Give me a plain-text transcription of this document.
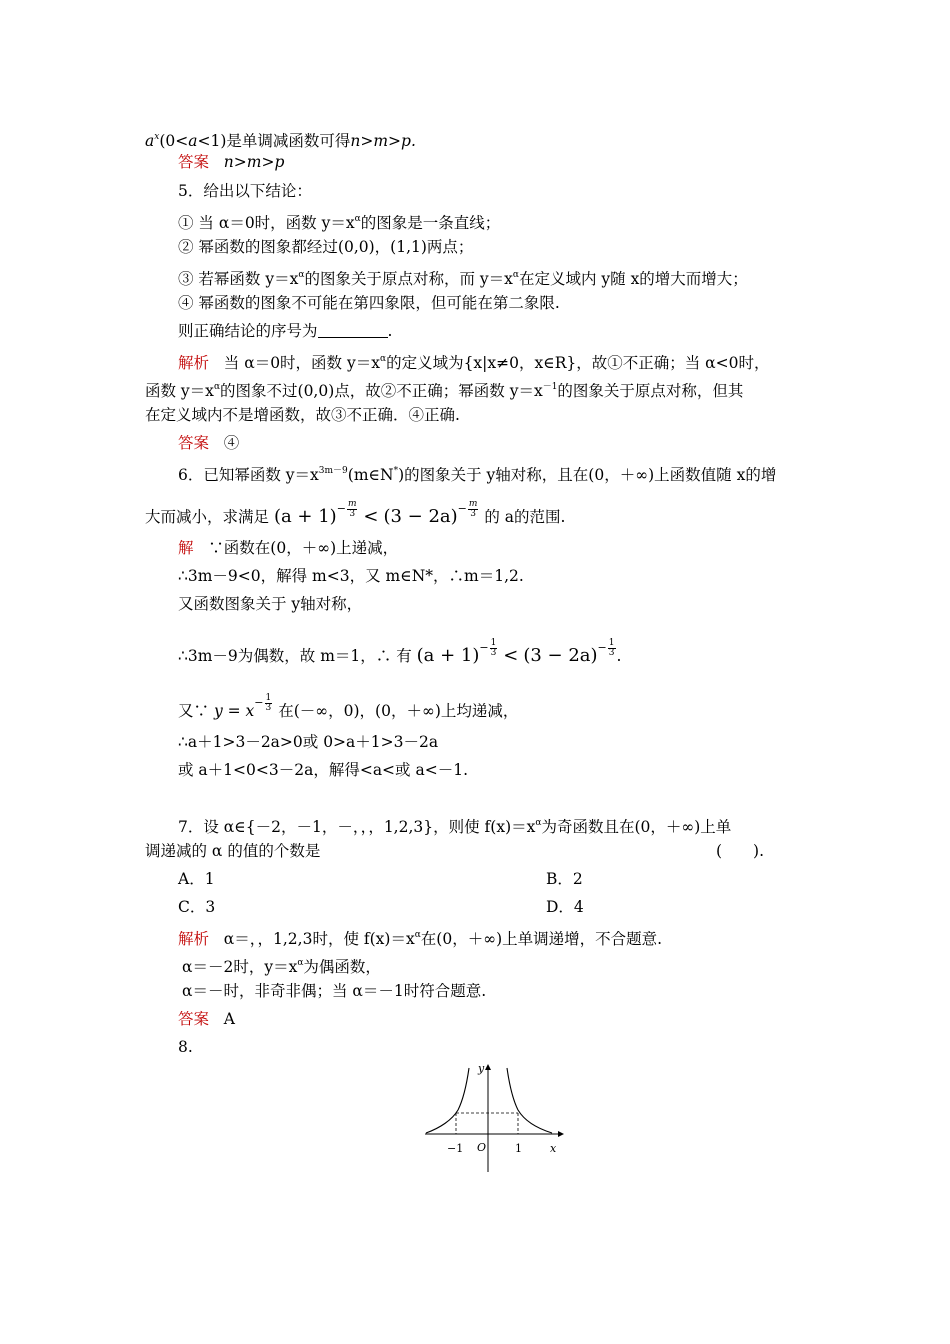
$a^x(0<a<1)$是单调减函数可得n>m>p.
答案 n>m>p
5．给出以下结论：
① 当 α＝0时，函数 $y=x^\alpha$的图象是一条直线；
② 幂函数的图象都经过(0,0)，(1,1)两点；
③ 若幂函数 $y=x^\alpha$的图象关于原点对称，而 $y=x^\alpha$在定义域内 y随 x的增大而增大；
④ 幂函数的图象不可能在第四象限，但可能在第二象限.
则正确结论的序号为	.
解析 当 α＝0时，函数 $y=x^\alpha$的定义域为{x|x≠0，x∈R}，故①不正确；当 α<0时，
函数 $y=x^\alpha$的图象不过(0,0)点，故②不正确；幂函数 $y=x^{-1}$的图象关于原点对称，但其
在定义域内不是增函数，故③不正确．④正确.
答案 ④
6．已知幂函数 $y=x^{3m-9}(m\in N^*)$的图象关于 y轴对称，且在(0，＋∞)上函数值随 x的增
大而减小，求满足 $(a + 1)- \frac{m}{3} < (3 - 2a)- \frac{m}{3}$ 的 a的范围.
解 ∵函数在(0，＋∞)上递减，
∴3m－9<0，解得 m<3，又 m∈N*，∴m＝1,2.
又函数图象关于 y轴对称，
∴3m－9为偶数，故 m＝1，∴ 有 $(a + 1)- \frac{1}{3} < (3 - 2a)- \frac{1}{3}$ .
又∵ $y = x- \frac{1}{3}$ 在(－∞，0)，(0，＋∞)上均递减，
∴a＋1>3－2a>0或 0>a＋1>3－2a
或 a＋1<0<3－2a，解得<a<或 a<－1.
7．设 α∈{－2，－1，－，，，1,2,3}，则使 $f(x)=x^\alpha$为奇函数且在(0，＋∞)上单
调递减的 α 的值的个数是	(　　).
A．1	B．2
C．3	D．4
解析 α＝，，1,2,3时，使 $f(x)=x^\alpha$在(0，＋∞)上单调递增，不合题意.
α＝－2时，$y=x^\alpha$为偶函数，
α＝－时，非奇非偶；当 α＝－1时符合题意.
答案 A
8.
y
x
O
−1	1
